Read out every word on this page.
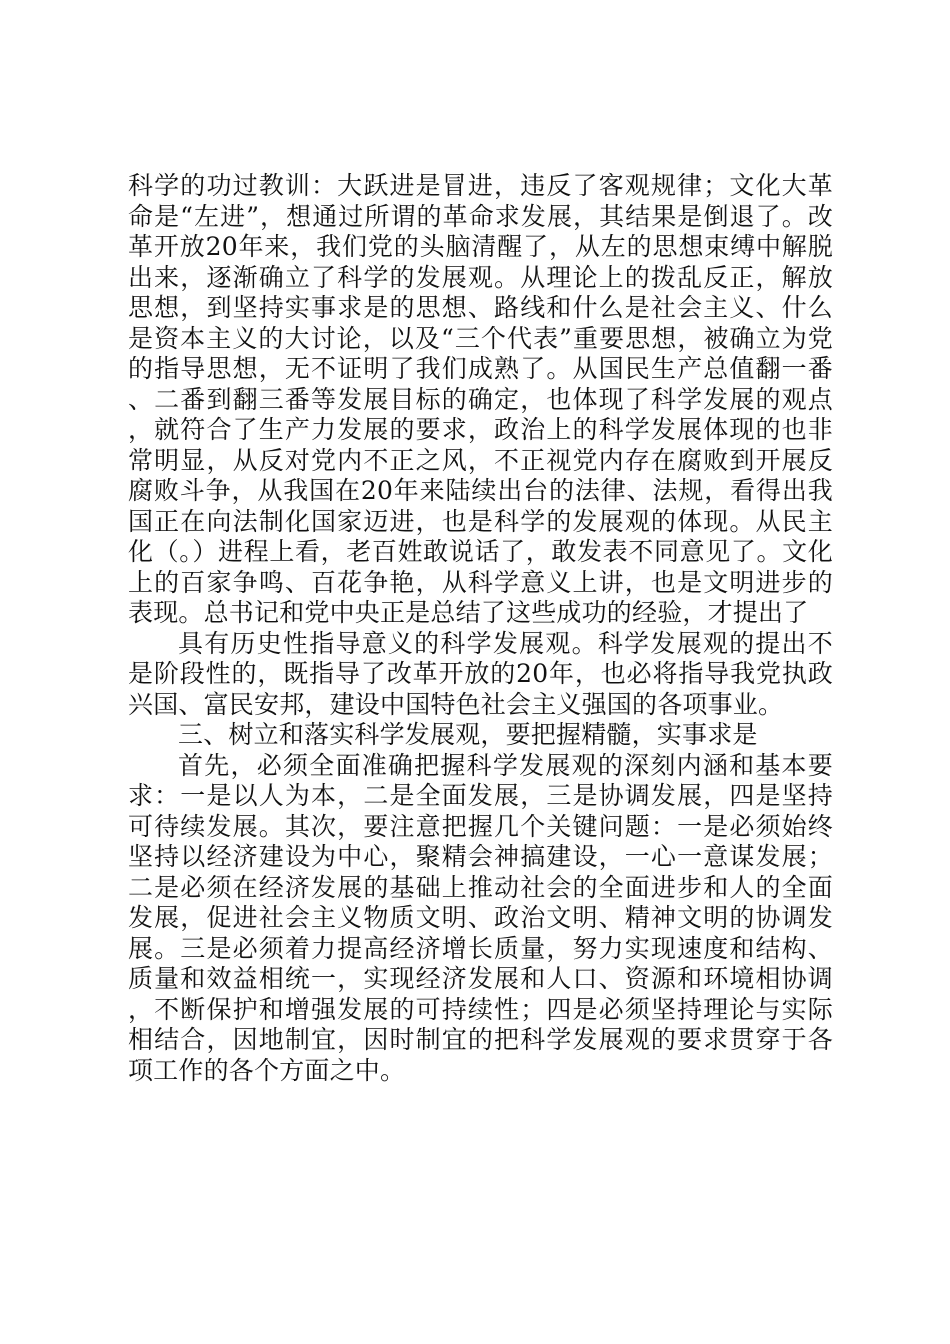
科学的功过教训：大跃进是冒进，违反了客观规律；文化大革命是“左进”，想通过所谓的革命求发展，其结果是倒退了。改革开放20年来，我们党的头脑清醒了，从左的思想束缚中解脱出来，逐渐确立了科学的发展观。从理论上的拨乱反正，解放思想，到坚持实事求是的思想、路线和什么是社会主义、什么是资本主义的大讨论，以及“三个代表”重要思想，被确立为党的指导思想，无不证明了我们成熟了。从国民生产总值翻一番、二番到翻三番等发展目标的确定，也体现了科学发展的观点，就符合了生产力发展的要求，政治上的科学发展体现的也非常明显，从反对党内不正之风，不正视党内存在腐败到开展反腐败斗争，从我国在20年来陆续出台的法律、法规，看得出我国正在向法制化国家迈进，也是科学的发展观的体现。从民主化（。）进程上看，老百姓敢说话了，敢发表不同意见了。文化上的百家争鸣、百花争艳，从科学意义上讲，也是文明进步的表现。总书记和党中央正是总结了这些成功的经验，才提出了

具有历史性指导意义的科学发展观。科学发展观的提出不是阶段性的，既指导了改革开放的20年，也必将指导我党执政兴国、富民安邦，建设中国特色社会主义强国的各项事业。

三、树立和落实科学发展观，要把握精髓，实事求是

首先，必须全面准确把握科学发展观的深刻内涵和基本要求：一是以人为本，二是全面发展，三是协调发展，四是坚持可待续发展。其次，要注意把握几个关键问题：一是必须始终坚持以经济建设为中心，聚精会神搞建设，一心一意谋发展；二是必须在经济发展的基础上推动社会的全面进步和人的全面发展，促进社会主义物质文明、政治文明、精神文明的协调发展。三是必须着力提高经济增长质量，努力实现速度和结构、质量和效益相统一，实现经济发展和人口、资源和环境相协调，不断保护和增强发展的可持续性；四是必须坚持理论与实际相结合，因地制宜，因时制宜的把科学发展观的要求贯穿于各项工作的各个方面之中。
